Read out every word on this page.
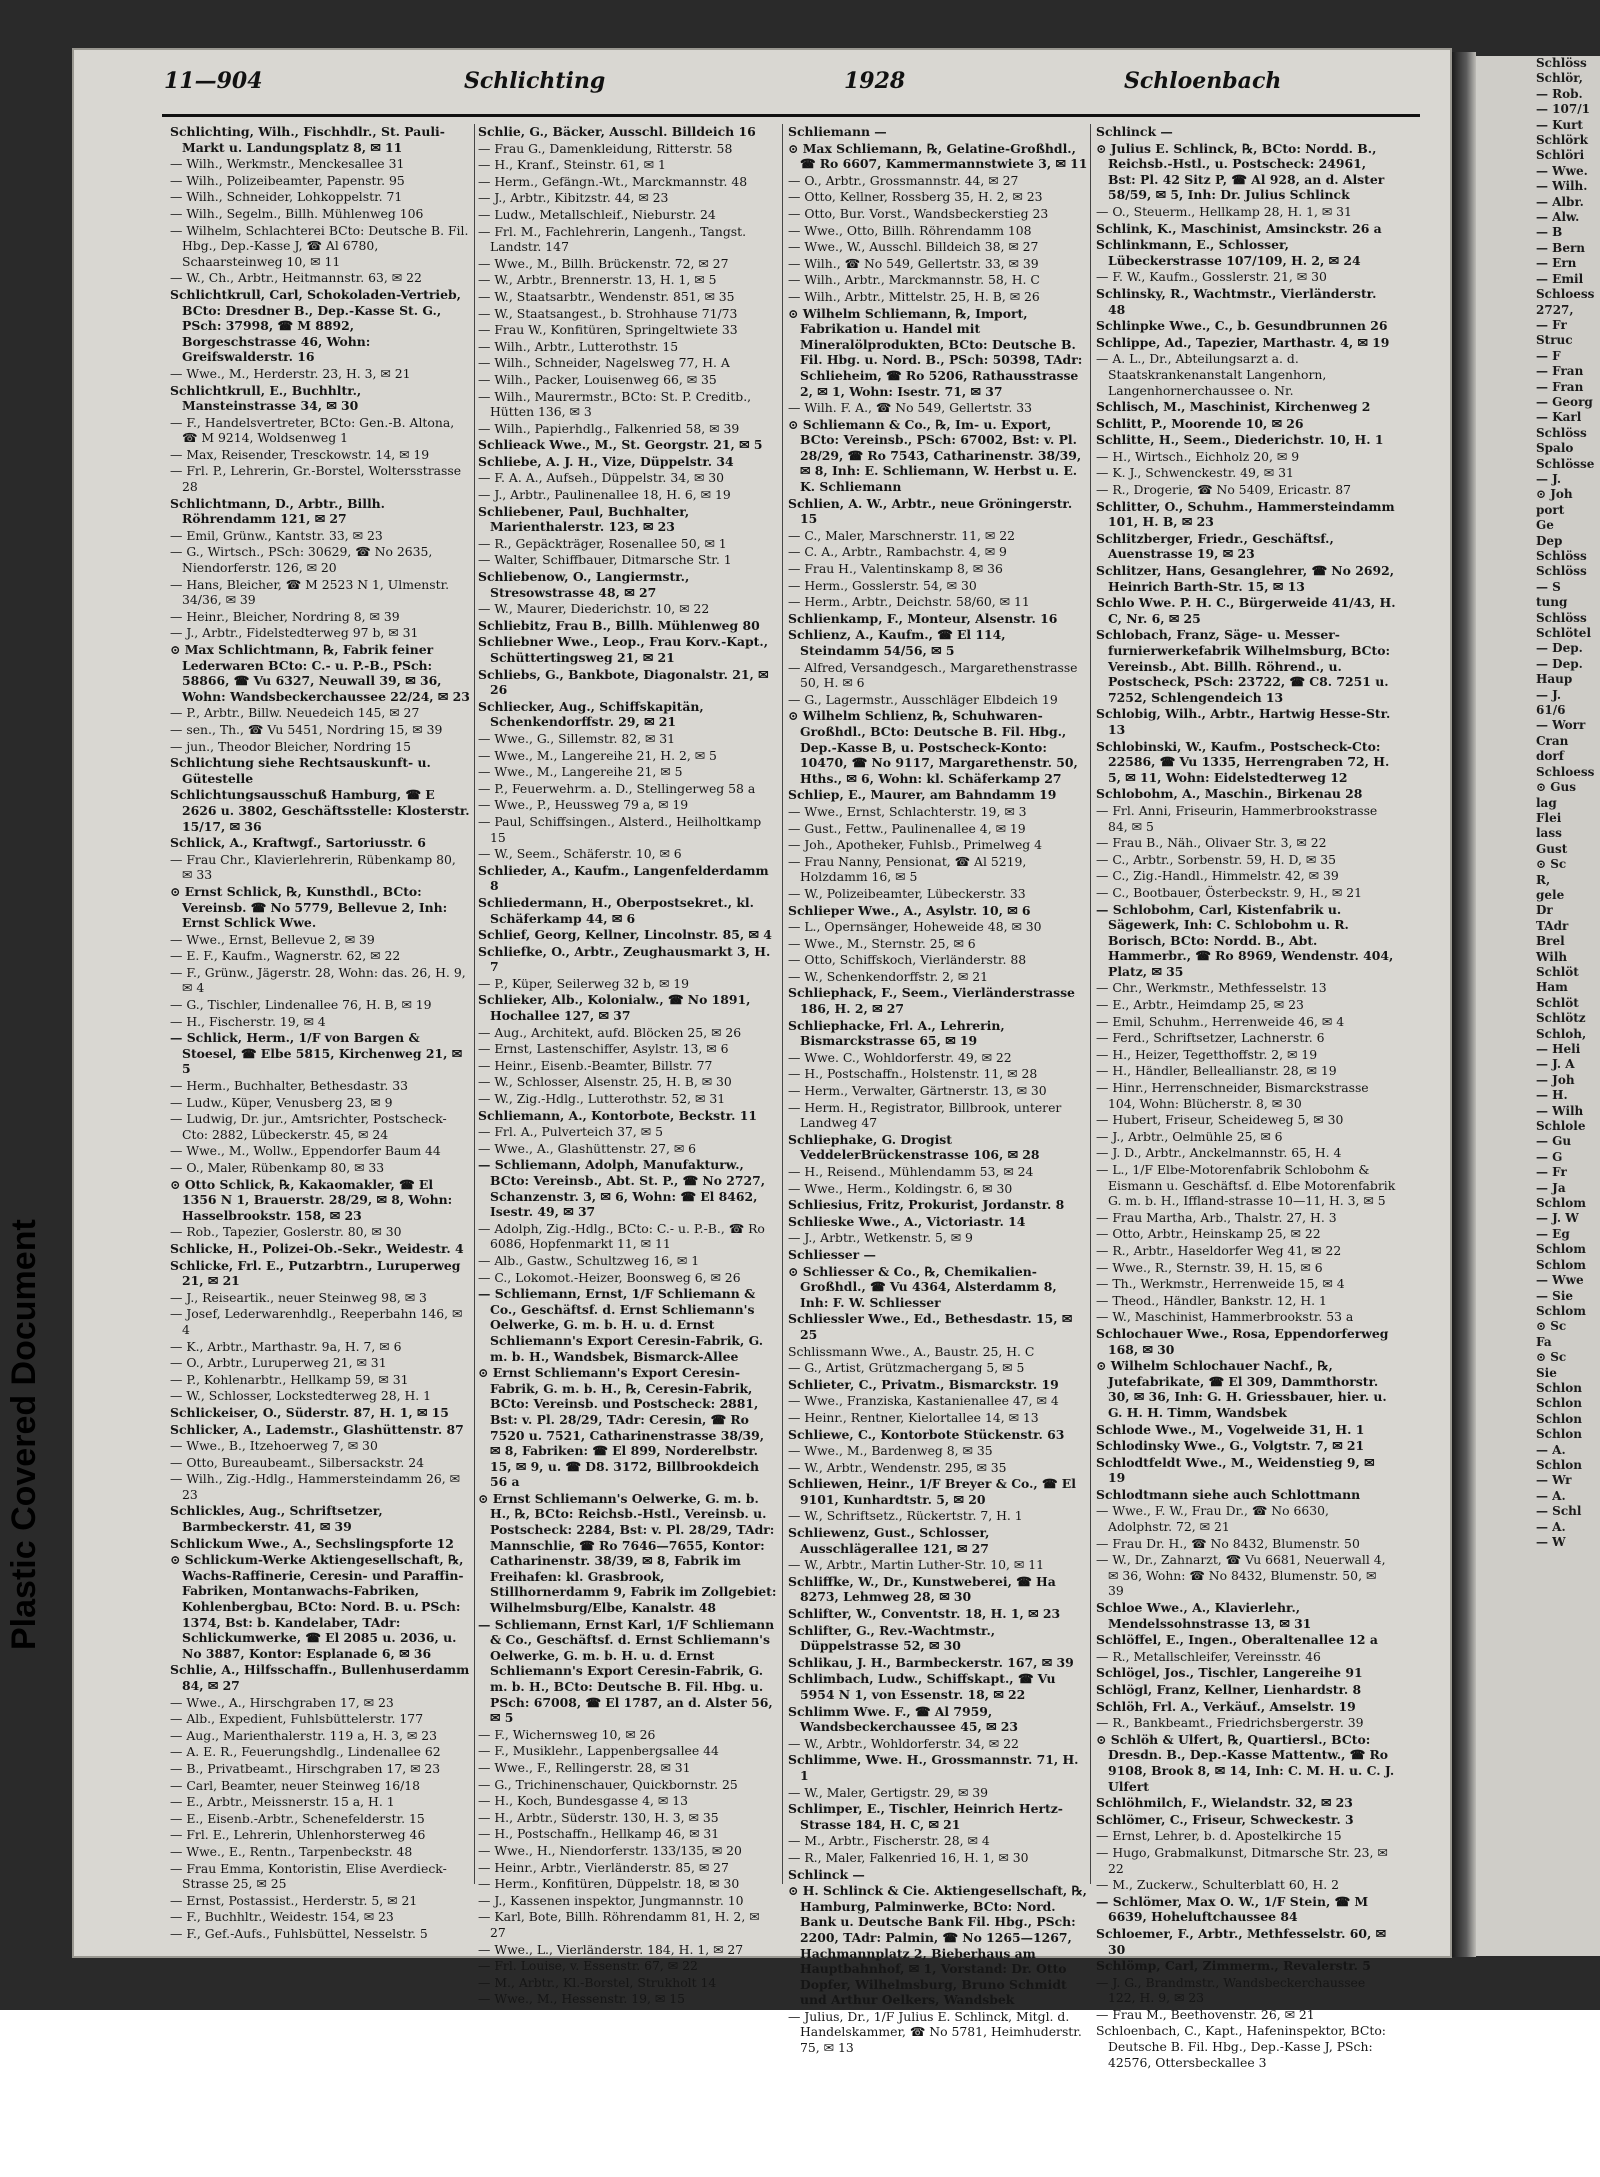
11—904	Schlichting	1928	Schloenbach
Schlichting, Wilh., Fischhdlr., St. Pauli-Markt u. Landungsplatz 8, ✉ 11
— Wilh., Werkmstr., Menckesallee 31
— Wilh., Polizeibeamter, Papenstr. 95
— Wilh., Schneider, Lohkoppelstr. 71
— Wilh., Segelm., Billh. Mühlenweg 106
— Wilhelm, Schlachterei BCto: Deutsche B. Fil. Hbg., Dep.-Kasse J, ☎ Al 6780, Schaarsteinweg 10, ✉ 11
— W., Ch., Arbtr., Heitmannstr. 63, ✉ 22
Schlichtkrull, Carl, Schokoladen-Vertrieb, BCto: Dresdner B., Dep.-Kasse St. G., PSch: 37998, ☎ M 8892, Borgeschstrasse 46, Wohn: Greifswalderstr. 16
— Wwe., M., Herderstr. 23, H. 3, ✉ 21
Schlichtkrull, E., Buchhltr., Mansteinstrasse 34, ✉ 30
— F., Handelsvertreter, BCto: Gen.-B. Altona, ☎ M 9214, Woldsenweg 1
— Max, Reisender, Tresckowstr. 14, ✉ 19
— Frl. P., Lehrerin, Gr.-Borstel, Woltersstrasse 28
Schlichtmann, D., Arbtr., Billh. Röhrendamm 121, ✉ 27
— Emil, Grünw., Kantstr. 33, ✉ 23
— G., Wirtsch., PSch: 30629, ☎ No 2635, Niendorferstr. 126, ✉ 20
— Hans, Bleicher, ☎ M 2523 N 1, Ulmenstr. 34/36, ✉ 39
— Heinr., Bleicher, Nordring 8, ✉ 39
— J., Arbtr., Fidelstedterweg 97 b, ✉ 31
⊙ Max Schlichtmann, ℞, Fabrik feiner Lederwaren BCto: C.- u. P.-B., PSch: 58866, ☎ Vu 6327, Neuwall 39, ✉ 36, Wohn: Wandsbeckerchaussee 22/24, ✉ 23
— P., Arbtr., Billw. Neuedeich 145, ✉ 27
— sen., Th., ☎ Vu 5451, Nordring 15, ✉ 39
— jun., Theodor Bleicher, Nordring 15
Schlichtung siehe Rechtsauskunft- u. Gütestelle
Schlichtungsausschuß Hamburg, ☎ E 2626 u. 3802, Geschäftsstelle: Klosterstr. 15/17, ✉ 36
Schlick, A., Kraftwgf., Sartoriusstr. 6
— Frau Chr., Klavierlehrerin, Rübenkamp 80, ✉ 33
⊙ Ernst Schlick, ℞, Kunsthdl., BCto: Vereinsb. ☎ No 5779, Bellevue 2, Inh: Ernst Schlick Wwe.
— Wwe., Ernst, Bellevue 2, ✉ 39
— E. F., Kaufm., Wagnerstr. 62, ✉ 22
— F., Grünw., Jägerstr. 28, Wohn: das. 26, H. 9, ✉ 4
— G., Tischler, Lindenallee 76, H. B, ✉ 19
— H., Fischerstr. 19, ✉ 4
— Schlick, Herm., 1/F von Bargen & Stoesel, ☎ Elbe 5815, Kirchenweg 21, ✉ 5
— Herm., Buchhalter, Bethesdastr. 33
— Ludw., Küper, Venusberg 23, ✉ 9
— Ludwig, Dr. jur., Amtsrichter, Postscheck-Cto: 2882, Lübeckerstr. 45, ✉ 24
— Wwe., M., Wollw., Eppendorfer Baum 44
— O., Maler, Rübenkamp 80, ✉ 33
⊙ Otto Schlick, ℞, Kakaomakler, ☎ El 1356 N 1, Brauerstr. 28/29, ✉ 8, Wohn: Hasselbrookstr. 158, ✉ 23
— Rob., Tapezier, Goslerstr. 80, ✉ 30
Schlicke, H., Polizei-Ob.-Sekr., Weidestr. 4
Schlicke, Frl. E., Putzarbtrn., Luruperweg 21, ✉ 21
— J., Reiseartik., neuer Steinweg 98, ✉ 3
— Josef, Lederwarenhdlg., Reeperbahn 146, ✉ 4
— K., Arbtr., Marthastr. 9a, H. 7, ✉ 6
— O., Arbtr., Luruperweg 21, ✉ 31
— P., Kohlenarbtr., Hellkamp 59, ✉ 31
— W., Schlosser, Lockstedterweg 28, H. 1
Schlickeiser, O., Süderstr. 87, H. 1, ✉ 15
Schlicker, A., Lademstr., Glashüttenstr. 87
— Wwe., B., Itzehoerweg 7, ✉ 30
— Otto, Bureaubeamt., Silbersackstr. 24
— Wilh., Zig.-Hdlg., Hammersteindamm 26, ✉ 23
Schlickles, Aug., Schriftsetzer, Barmbeckerstr. 41, ✉ 39
Schlickum Wwe., A., Sechslingspforte 12
⊙ Schlickum-Werke Aktiengesellschaft, ℞, Wachs-Raffinerie, Ceresin- und Paraffin-Fabriken, Montanwachs-Fabriken, Kohlenbergbau, BCto: Nord. B. u. PSch: 1374, Bst: b. Kandelaber, TAdr: Schlickumwerke, ☎ El 2085 u. 2036, u. No 3887, Kontor: Esplanade 6, ✉ 36
Schlie, A., Hilfsschaffn., Bullenhuserdamm 84, ✉ 27
— Wwe., A., Hirschgraben 17, ✉ 23
— Alb., Expedient, Fuhlsbüttelerstr. 177
— Aug., Marienthalerstr. 119 a, H. 3, ✉ 23
— A. E. R., Feuerungshdlg., Lindenallee 62
— B., Privatbeamt., Hirschgraben 17, ✉ 23
— Carl, Beamter, neuer Steinweg 16/18
— E., Arbtr., Meissnerstr. 15 a, H. 1
— E., Eisenb.-Arbtr., Schenefelderstr. 15
— Frl. E., Lehrerin, Uhlenhorsterweg 46
— Wwe., E., Rentn., Tarpenbeckstr. 48
— Frau Emma, Kontoristin, Elise Averdieck-Strasse 25, ✉ 25
— Ernst, Postassist., Herderstr. 5, ✉ 21
— F., Buchhltr., Weidestr. 154, ✉ 23
— F., Gef.-Aufs., Fuhlsbüttel, Nesselstr. 5
Schlie, G., Bäcker, Ausschl. Billdeich 16
— Frau G., Damenkleidung, Ritterstr. 58
— H., Kranf., Steinstr. 61, ✉ 1
— Herm., Gefängn.-Wt., Marckmannstr. 48
— J., Arbtr., Kibitzstr. 44, ✉ 23
— Ludw., Metallschleif., Nieburstr. 24
— Frl. M., Fachlehrerin, Langenh., Tangst. Landstr. 147
— Wwe., M., Billh. Brückenstr. 72, ✉ 27
— W., Arbtr., Brennerstr. 13, H. 1, ✉ 5
— W., Staatsarbtr., Wendenstr. 851, ✉ 35
— W., Staatsangest., b. Strohhause 71/73
— Frau W., Konfitüren, Springeltwiete 33
— Wilh., Arbtr., Lutterothstr. 15
— Wilh., Schneider, Nagelsweg 77, H. A
— Wilh., Packer, Louisenweg 66, ✉ 35
— Wilh., Maurermstr., BCto: St. P. Creditb., Hütten 136, ✉ 3
— Wilh., Papierhdlg., Falkenried 58, ✉ 39
Schlieack Wwe., M., St. Georgstr. 21, ✉ 5
Schliebe, A. J. H., Vize, Düppelstr. 34
— F. A. A., Aufseh., Düppelstr. 34, ✉ 30
— J., Arbtr., Paulinenallee 18, H. 6, ✉ 19
Schliebener, Paul, Buchhalter, Marienthalerstr. 123, ✉ 23
— R., Gepäckträger, Rosenallee 50, ✉ 1
— Walter, Schiffbauer, Ditmarsche Str. 1
Schliebenow, O., Langiermstr., Stresowstrasse 48, ✉ 27
— W., Maurer, Diederichstr. 10, ✉ 22
Schliebitz, Frau B., Billh. Mühlenweg 80
Schliebner Wwe., Leop., Frau Korv.-Kapt., Schüttertingsweg 21, ✉ 21
Schliebs, G., Bankbote, Diagonalstr. 21, ✉ 26
Schliecker, Aug., Schiffskapitän, Schenkendorffstr. 29, ✉ 21
— Wwe., G., Sillemstr. 82, ✉ 31
— Wwe., M., Langereihe 21, H. 2, ✉ 5
— Wwe., M., Langereihe 21, ✉ 5
— P., Feuerwehrm. a. D., Stellingerweg 58 a
— Wwe., P., Heussweg 79 a, ✉ 19
— Paul, Schiffsingen., Alsterd., Heilholtkamp 15
— W., Seem., Schäferstr. 10, ✉ 6
Schlieder, A., Kaufm., Langenfelderdamm 8
Schliedermann, H., Oberpostsekret., kl. Schäferkamp 44, ✉ 6
Schlief, Georg, Kellner, Lincolnstr. 85, ✉ 4
Schliefke, O., Arbtr., Zeughausmarkt 3, H. 7
— P., Küper, Seilerweg 32 b, ✉ 19
Schlieker, Alb., Kolonialw., ☎ No 1891, Hochallee 127, ✉ 37
— Aug., Architekt, aufd. Blöcken 25, ✉ 26
— Ernst, Lastenschiffer, Asylstr. 13, ✉ 6
— Heinr., Eisenb.-Beamter, Billstr. 77
— W., Schlosser, Alsenstr. 25, H. B, ✉ 30
— W., Zig.-Hdlg., Lutterothstr. 52, ✉ 31
Schliemann, A., Kontorbote, Beckstr. 11
— Frl. A., Pulverteich 37, ✉ 5
— Wwe., A., Glashüttenstr. 27, ✉ 6
— Schliemann, Adolph, Manufakturw., BCto: Vereinsb., Abt. St. P., ☎ No 2727, Schanzenstr. 3, ✉ 6, Wohn: ☎ El 8462, Isestr. 49, ✉ 37
— Adolph, Zig.-Hdlg., BCto: C.- u. P.-B., ☎ Ro 6086, Hopfenmarkt 11, ✉ 11
— Alb., Gastw., Schultzweg 16, ✉ 1
— C., Lokomot.-Heizer, Boonsweg 6, ✉ 26
— Schliemann, Ernst, 1/F Schliemann & Co., Geschäftsf. d. Ernst Schliemann's Oelwerke, G. m. b. H. u. d. Ernst Schliemann's Export Ceresin-Fabrik, G. m. b. H., Wandsbek, Bismarck-Allee
⊙ Ernst Schliemann's Export Ceresin-Fabrik, G. m. b. H., ℞, Ceresin-Fabrik, BCto: Vereinsb. und Postscheck: 2881, Bst: v. Pl. 28/29, TAdr: Ceresin, ☎ Ro 7520 u. 7521, Catharinenstrasse 38/39, ✉ 8, Fabriken: ☎ El 899, Norderelbstr. 15, ✉ 9, u. ☎ D8. 3172, Billbrookdeich 56 a
⊙ Ernst Schliemann's Oelwerke, G. m. b. H., ℞, BCto: Reichsb.-Hstl., Vereinsb. u. Postscheck: 2284, Bst: v. Pl. 28/29, TAdr: Mannschlie, ☎ Ro 7646—7655, Kontor: Catharinenstr. 38/39, ✉ 8, Fabrik im Freihafen: kl. Grasbrook, Stillhornerdamm 9, Fabrik im Zollgebiet: Wilhelmsburg/Elbe, Kanalstr. 48
— Schliemann, Ernst Karl, 1/F Schliemann & Co., Geschäftsf. d. Ernst Schliemann's Oelwerke, G. m. b. H. u. d. Ernst Schliemann's Export Ceresin-Fabrik, G. m. b. H., BCto: Deutsche B. Fil. Hbg. u. PSch: 67008, ☎ El 1787, an d. Alster 56, ✉ 5
— F., Wichernsweg 10, ✉ 26
— F., Musiklehr., Lappenbergsallee 44
— Wwe., F., Rellingerstr. 28, ✉ 31
— G., Trichinenschauer, Quickbornstr. 25
— H., Koch, Bundesgasse 4, ✉ 13
— H., Arbtr., Süderstr. 130, H. 3, ✉ 35
— H., Postschaffn., Hellkamp 46, ✉ 31
— Wwe., H., Niendorferstr. 133/135, ✉ 20
— Heinr., Arbtr., Vierländerstr. 85, ✉ 27
— Herm., Konfitüren, Düppelstr. 18, ✉ 30
— J., Kassenen inspektor, Jungmannstr. 10
— Karl, Bote, Billh. Röhrendamm 81, H. 2, ✉ 27
— Wwe., L., Vierländerstr. 184, H. 1, ✉ 27
— Frl. Louise, v. Essenstr. 67, ✉ 22
— M., Arbtr., Kl.-Borstel, Strukholt 14
— Wwe., M., Hessenstr. 19, ✉ 15
Schliemann —
⊙ Max Schliemann, ℞, Gelatine-Großhdl., ☎ Ro 6607, Kammermannstwiete 3, ✉ 11
— O., Arbtr., Grossmannstr. 44, ✉ 27
— Otto, Kellner, Rossberg 35, H. 2, ✉ 23
— Otto, Bur. Vorst., Wandsbeckerstieg 23
— Wwe., Otto, Billh. Röhrendamm 108
— Wwe., W., Ausschl. Billdeich 38, ✉ 27
— Wilh., ☎ No 549, Gellertstr. 33, ✉ 39
— Wilh., Arbtr., Marckmannstr. 58, H. C
— Wilh., Arbtr., Mittelstr. 25, H. B, ✉ 26
⊙ Wilhelm Schliemann, ℞, Import, Fabrikation u. Handel mit Mineralölprodukten, BCto: Deutsche B. Fil. Hbg. u. Nord. B., PSch: 50398, TAdr: Schlieheim, ☎ Ro 5206, Rathausstrasse 2, ✉ 1, Wohn: Isestr. 71, ✉ 37
— Wilh. F. A., ☎ No 549, Gellertstr. 33
⊙ Schliemann & Co., ℞, Im- u. Export, BCto: Vereinsb., PSch: 67002, Bst: v. Pl. 28/29, ☎ Ro 7543, Catharinenstr. 38/39, ✉ 8, Inh: E. Schliemann, W. Herbst u. E. K. Schliemann
Schlien, A. W., Arbtr., neue Gröningerstr. 15
— C., Maler, Marschnerstr. 11, ✉ 22
— C. A., Arbtr., Rambachstr. 4, ✉ 9
— Frau H., Valentinskamp 8, ✉ 36
— Herm., Gosslerstr. 54, ✉ 30
— Herm., Arbtr., Deichstr. 58/60, ✉ 11
Schlienkamp, F., Monteur, Alsenstr. 16
Schlienz, A., Kaufm., ☎ El 114, Steindamm 54/56, ✉ 5
— Alfred, Versandgesch., Margarethenstrasse 50, H. ✉ 6
— G., Lagermstr., Ausschläger Elbdeich 19
⊙ Wilhelm Schlienz, ℞, Schuhwaren-Großhdl., BCto: Deutsche B. Fil. Hbg., Dep.-Kasse B, u. Postscheck-Konto: 10470, ☎ No 9117, Margarethenstr. 50, Hths., ✉ 6, Wohn: kl. Schäferkamp 27
Schliep, E., Maurer, am Bahndamm 19
— Wwe., Ernst, Schlachterstr. 19, ✉ 3
— Gust., Fettw., Paulinenallee 4, ✉ 19
— Joh., Apotheker, Fuhlsb., Primelweg 4
— Frau Nanny, Pensionat, ☎ Al 5219, Holzdamm 16, ✉ 5
— W., Polizeibeamter, Lübeckerstr. 33
Schlieper Wwe., A., Asylstr. 10, ✉ 6
— L., Opernsänger, Hoheweide 48, ✉ 30
— Wwe., M., Sternstr. 25, ✉ 6
— Otto, Schiffskoch, Vierländerstr. 88
— W., Schenkendorffstr. 2, ✉ 21
Schliephack, F., Seem., Vierländerstrasse 186, H. 2, ✉ 27
Schliephacke, Frl. A., Lehrerin, Bismarckstrasse 65, ✉ 19
— Wwe. C., Wohldorferstr. 49, ✉ 22
— H., Postschaffn., Holstenstr. 11, ✉ 28
— Herm., Verwalter, Gärtnerstr. 13, ✉ 30
— Herm. H., Registrator, Billbrook, unterer Landweg 47
Schliephake, G. Drogist VeddelerBrückenstrasse 106, ✉ 28
— H., Reisend., Mühlendamm 53, ✉ 24
— Wwe., Herm., Koldingstr. 6, ✉ 30
Schliesius, Fritz, Prokurist, Jordanstr. 8
Schlieske Wwe., A., Victoriastr. 14
— J., Arbtr., Wetkenstr. 5, ✉ 9
Schliesser —
⊙ Schliesser & Co., ℞, Chemikalien-Großhdl., ☎ Vu 4364, Alsterdamm 8, Inh: F. W. Schliesser
Schliessler Wwe., Ed., Bethesdastr. 15, ✉ 25
Schlissmann Wwe., A., Baustr. 25, H. C
— G., Artist, Grützmachergang 5, ✉ 5
Schlieter, C., Privatm., Bismarckstr. 19
— Wwe., Franziska, Kastanienallee 47, ✉ 4
— Heinr., Rentner, Kielortallee 14, ✉ 13
Schliewe, C., Kontorbote Stückenstr. 63
— Wwe., M., Bardenweg 8, ✉ 35
— W., Arbtr., Wendenstr. 295, ✉ 35
Schliewen, Heinr., 1/F Breyer & Co., ☎ El 9101, Kunhardtstr. 5, ✉ 20
— W., Schriftsetz., Rückertstr. 7, H. 1
Schliewenz, Gust., Schlosser, Ausschlägerallee 121, ✉ 27
— W., Arbtr., Martin Luther-Str. 10, ✉ 11
Schliffke, W., Dr., Kunstweberei, ☎ Ha 8273, Lehmweg 28, ✉ 30
Schlifter, W., Conventstr. 18, H. 1, ✉ 23
Schlifter, G., Rev.-Wachtmstr., Düppelstrasse 52, ✉ 30
Schlikau, J. H., Barmbeckerstr. 167, ✉ 39
Schlimbach, Ludw., Schiffskapt., ☎ Vu 5954 N 1, von Essenstr. 18, ✉ 22
Schlimm Wwe. F., ☎ Al 7959, Wandsbeckerchaussee 45, ✉ 23
— W., Arbtr., Wohldorferstr. 34, ✉ 22
Schlimme, Wwe. H., Grossmannstr. 71, H. 1
— W., Maler, Gertigstr. 29, ✉ 39
Schlimper, E., Tischler, Heinrich Hertz-Strasse 184, H. C, ✉ 21
— M., Arbtr., Fischerstr. 28, ✉ 4
— R., Maler, Falkenried 16, H. 1, ✉ 30
Schlinck —
⊙ H. Schlinck & Cie. Aktiengesellschaft, ℞, Hamburg, Palminwerke, BCto: Nord. Bank u. Deutsche Bank Fil. Hbg., PSch: 2200, TAdr: Palmin, ☎ No 1265—1267, Hachmannplatz 2, Bieberhaus am Hauptbahnhof, ✉ 1, Vorstand: Dr. Otto Dopfer, Wilhelmsburg, Bruno Schmidt und Arthur Oelkers, Wandsbek
— Julius, Dr., 1/F Julius E. Schlinck, Mitgl. d. Handelskammer, ☎ No 5781, Heimhuderstr. 75, ✉ 13
Schlinck —
⊙ Julius E. Schlinck, ℞, BCto: Nordd. B., Reichsb.-Hstl., u. Postscheck: 24961, Bst: Pl. 42 Sitz P, ☎ Al 928, an d. Alster 58/59, ✉ 5, Inh: Dr. Julius Schlinck
— O., Steuerm., Hellkamp 28, H. 1, ✉ 31
Schlink, K., Maschinist, Amsinckstr. 26 a
Schlinkmann, E., Schlosser, Lübeckerstrasse 107/109, H. 2, ✉ 24
— F. W., Kaufm., Gosslerstr. 21, ✉ 30
Schlinsky, R., Wachtmstr., Vierländerstr. 48
Schlinpke Wwe., C., b. Gesundbrunnen 26
Schlippe, Ad., Tapezier, Marthastr. 4, ✉ 19
— A. L., Dr., Abteilungsarzt a. d. Staatskrankenanstalt Langenhorn, Langenhornerchaussee o. Nr.
Schlisch, M., Maschinist, Kirchenweg 2
Schlitt, P., Moorende 10, ✉ 26
Schlitte, H., Seem., Diederichstr. 10, H. 1
— H., Wirtsch., Eichholz 20, ✉ 9
— K. J., Schwenckestr. 49, ✉ 31
— R., Drogerie, ☎ No 5409, Ericastr. 87
Schlitter, O., Schuhm., Hammersteindamm 101, H. B, ✉ 23
Schlitzberger, Friedr., Geschäftsf., Auenstrasse 19, ✉ 23
Schlitzer, Hans, Gesanglehrer, ☎ No 2692, Heinrich Barth-Str. 15, ✉ 13
Schlo Wwe. P. H. C., Bürgerweide 41/43, H. C, Nr. 6, ✉ 25
Schlobach, Franz, Säge- u. Messer-furnierwerkefabrik Wilhelmsburg, BCto: Vereinsb., Abt. Billh. Röhrend., u. Postscheck, PSch: 23722, ☎ C8. 7251 u. 7252, Schlengendeich 13
Schlobig, Wilh., Arbtr., Hartwig Hesse-Str. 13
Schlobinski, W., Kaufm., Postscheck-Cto: 22586, ☎ Vu 1335, Herrengraben 72, H. 5, ✉ 11, Wohn: Eidelstedterweg 12
Schlobohm, A., Maschin., Birkenau 28
— Frl. Anni, Friseurin, Hammerbrookstrasse 84, ✉ 5
— Frau B., Näh., Olivaer Str. 3, ✉ 22
— C., Arbtr., Sorbenstr. 59, H. D, ✉ 35
— C., Zig.-Handl., Himmelstr. 42, ✉ 39
— C., Bootbauer, Österbeckstr. 9, H., ✉ 21
— Schlobohm, Carl, Kistenfabrik u. Sägewerk, Inh: C. Schlobohm u. R. Borisch, BCto: Nordd. B., Abt. Hammerbr., ☎ Ro 8969, Wendenstr. 404, Platz, ✉ 35
— Chr., Werkmstr., Methfesselstr. 13
— E., Arbtr., Heimdamp 25, ✉ 23
— Emil, Schuhm., Herrenweide 46, ✉ 4
— Ferd., Schriftsetzer, Lachnerstr. 6
— H., Heizer, Tegetthoffstr. 2, ✉ 19
— H., Händler, Belleallianstr. 28, ✉ 19
— Hinr., Herrenschneider, Bismarckstrasse 104, Wohn: Blücherstr. 8, ✉ 30
— Hubert, Friseur, Scheideweg 5, ✉ 30
— J., Arbtr., Oelmühle 25, ✉ 6
— J. D., Arbtr., Anckelmannstr. 65, H. 4
— L., 1/F Elbe-Motorenfabrik Schlobohm & Eismann u. Geschäftsf. d. Elbe Motorenfabrik G. m. b. H., Iffland-strasse 10—11, H. 3, ✉ 5
— Frau Martha, Arb., Thalstr. 27, H. 3
— Otto, Arbtr., Heinskamp 25, ✉ 22
— R., Arbtr., Haseldorfer Weg 41, ✉ 22
— Wwe., R., Sternstr. 39, H. 15, ✉ 6
— Th., Werkmstr., Herrenweide 15, ✉ 4
— Theod., Händler, Bankstr. 12, H. 1
— W., Maschinist, Hammerbrookstr. 53 a
Schlochauer Wwe., Rosa, Eppendorferweg 168, ✉ 30
⊙ Wilhelm Schlochauer Nachf., ℞, Jutefabrikate, ☎ El 309, Dammthorstr. 30, ✉ 36, Inh: G. H. Griessbauer, hier. u. G. H. H. Timm, Wandsbek
Schlode Wwe., M., Vogelweide 31, H. 1
Schlodinsky Wwe., G., Volgtstr. 7, ✉ 21
Schlodtfeldt Wwe., M., Weidenstieg 9, ✉ 19
Schlodtmann siehe auch Schlottmann
— Wwe., F. W., Frau Dr., ☎ No 6630, Adolphstr. 72, ✉ 21
— Frau Dr. H., ☎ No 8432, Blumenstr. 50
— W., Dr., Zahnarzt, ☎ Vu 6681, Neuerwall 4, ✉ 36, Wohn: ☎ No 8432, Blumenstr. 50, ✉ 39
Schloe Wwe., A., Klavierlehr., Mendelssohnstrasse 13, ✉ 31
Schlöffel, E., Ingen., Oberaltenallee 12 a
— R., Metallschleifer, Vereinsstr. 46
Schlögel, Jos., Tischler, Langereihe 91
Schlögl, Franz, Kellner, Lienhardstr. 8
Schlöh, Frl. A., Verkäuf., Amselstr. 19
— R., Bankbeamt., Friedrichsbergerstr. 39
⊙ Schlöh & Ulfert, ℞, Quartiersl., BCto: Dresdn. B., Dep.-Kasse Mattentw., ☎ Ro 9108, Brook 8, ✉ 14, Inh: C. M. H. u. C. J. Ulfert
Schlöhmilch, F., Wielandstr. 32, ✉ 23
Schlömer, C., Friseur, Schweckestr. 3
— Ernst, Lehrer, b. d. Apostelkirche 15
— Hugo, Grabmalkunst, Ditmarsche Str. 23, ✉ 22
— M., Zuckerw., Schulterblatt 60, H. 2
— Schlömer, Max O. W., 1/F Stein, ☎ M 6639, Hoheluftchaussee 84
Schloemer, F., Arbtr., Methfesselstr. 60, ✉ 30
Schlömp, Carl, Zimmerm., Revalerstr. 5
— J. G., Brandmstr., Wandsbeckerchaussee 122, H. 9, ✉ 23
— Frau M., Beethovenstr. 26, ✉ 21
Schloenbach, C., Kapt., Hafeninspektor, BCto: Deutsche B. Fil. Hbg., Dep.-Kasse J, PSch: 42576, Ottersbeckallee 3
Schlöss
Schlör,
— Rob.
— 107/1
— Kurt
Schlörk
Schlöri
— Wwe.
— Wilh.
— Albr.
— Alw.
— B
— Bern
— Ern
— Emil
Schloess
2727,
— Fr
Struc
— F
— Fran
— Fran
— Georg
— Karl
Schlöss
Spalo
Schlösse
— J.
⊙ Joh
port
Ge
Dep
Schlöss
Schlöss
— S
tung
Schlöss
Schlötel
— Dep.
— Dep.
Haup
— J.
61/6
— Worr
Cran
dorf
Schloess
⊙ Gus
lag
Flei
lass
Gust
⊙ Sc
R,
gele
Dr
TAdr
Brel
Wilh
Schlöt
Ham
Schlöt
Schlötz
Schloh,
— Heli
— J. A
— Joh
— H.
— Wilh
Schlole
— Gu
— G
— Fr
— Ja
Schlom
— J. W
— Eg
Schlom
Schlom
— Wwe
— Sie
Schlom
⊙ Sc
Fa
⊙ Sc
Sie
Schlon
Schlon
Schlon
Schlon
— A.
Schlon
— Wr
— A.
— Schl
— A.
— W
Plastic Covered Document
